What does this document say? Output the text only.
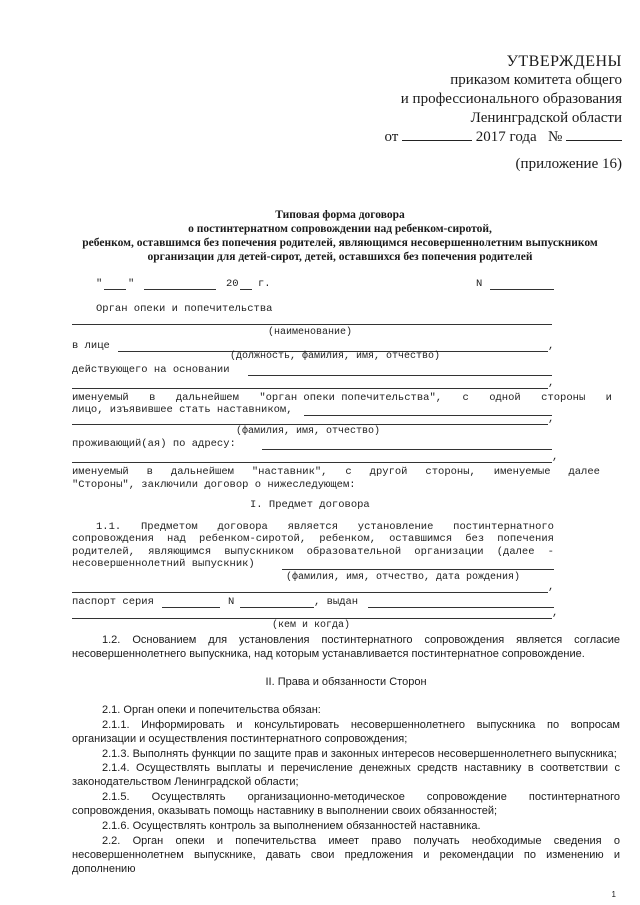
УТВЕРЖДЕНЫ
приказом комитета общего
и профессионального образования
Ленинградской области
от	2017 года №
(приложение 16)
Типовая форма договора
о постинтернатном сопровождении над ребенком-сиротой,
ребенком, оставшимся без попечения родителей, являющимся несовершеннолетним выпускником
организации для детей-сирот, детей, оставшихся без попечения родителей
" "	20 г.	N
Орган опеки и попечительства
(наименование)
в лице	,
(должность, фамилия, имя, отчество)
действующего на основании
,
именуемый в дальнейшем "орган опеки попечительства", с одной стороны и
лицо, изъявившее стать наставником,
,
(фамилия, имя, отчество)
проживающий(ая) по адресу:
,
именуемый в дальнейшем "наставник", с другой стороны, именуемые далее
"Стороны", заключили договор о нижеследующем:
I. Предмет договора
1.1. Предметом договора является установление постинтернатного
сопровождения над ребенком-сиротой, ребенком, оставшимся без попечения
родителей, являющимся выпускником образовательной организации (далее -
несовершеннолетний выпускник)
(фамилия, имя, отчество, дата рождения)
,
паспорт серия	N	, выдан
,
(кем и когда)
1.2. Основанием для установления постинтернатного сопровождения является согласие несовершеннолетнего выпускника, над которым устанавливается постинтернатное сопровождение.
II. Права и обязанности Сторон
2.1. Орган опеки и попечительства обязан:
2.1.1. Информировать и консультировать несовершеннолетнего выпускника по вопросам организации и осуществления постинтернатного сопровождения;
2.1.3. Выполнять функции по защите прав и законных интересов несовершеннолетнего выпускника;
2.1.4. Осуществлять выплаты и перечисление денежных средств наставнику в соответствии с законодательством Ленинградской области;
2.1.5. Осуществлять организационно-методическое сопровождение постинтернатного сопровождения, оказывать помощь наставнику в выполнении своих обязанностей;
2.1.6. Осуществлять контроль за выполнением обязанностей наставника.
2.2. Орган опеки и попечительства имеет право получать необходимые сведения о несовершеннолетнем выпускнике, давать свои предложения и рекомендации по изменению и дополнению
1
